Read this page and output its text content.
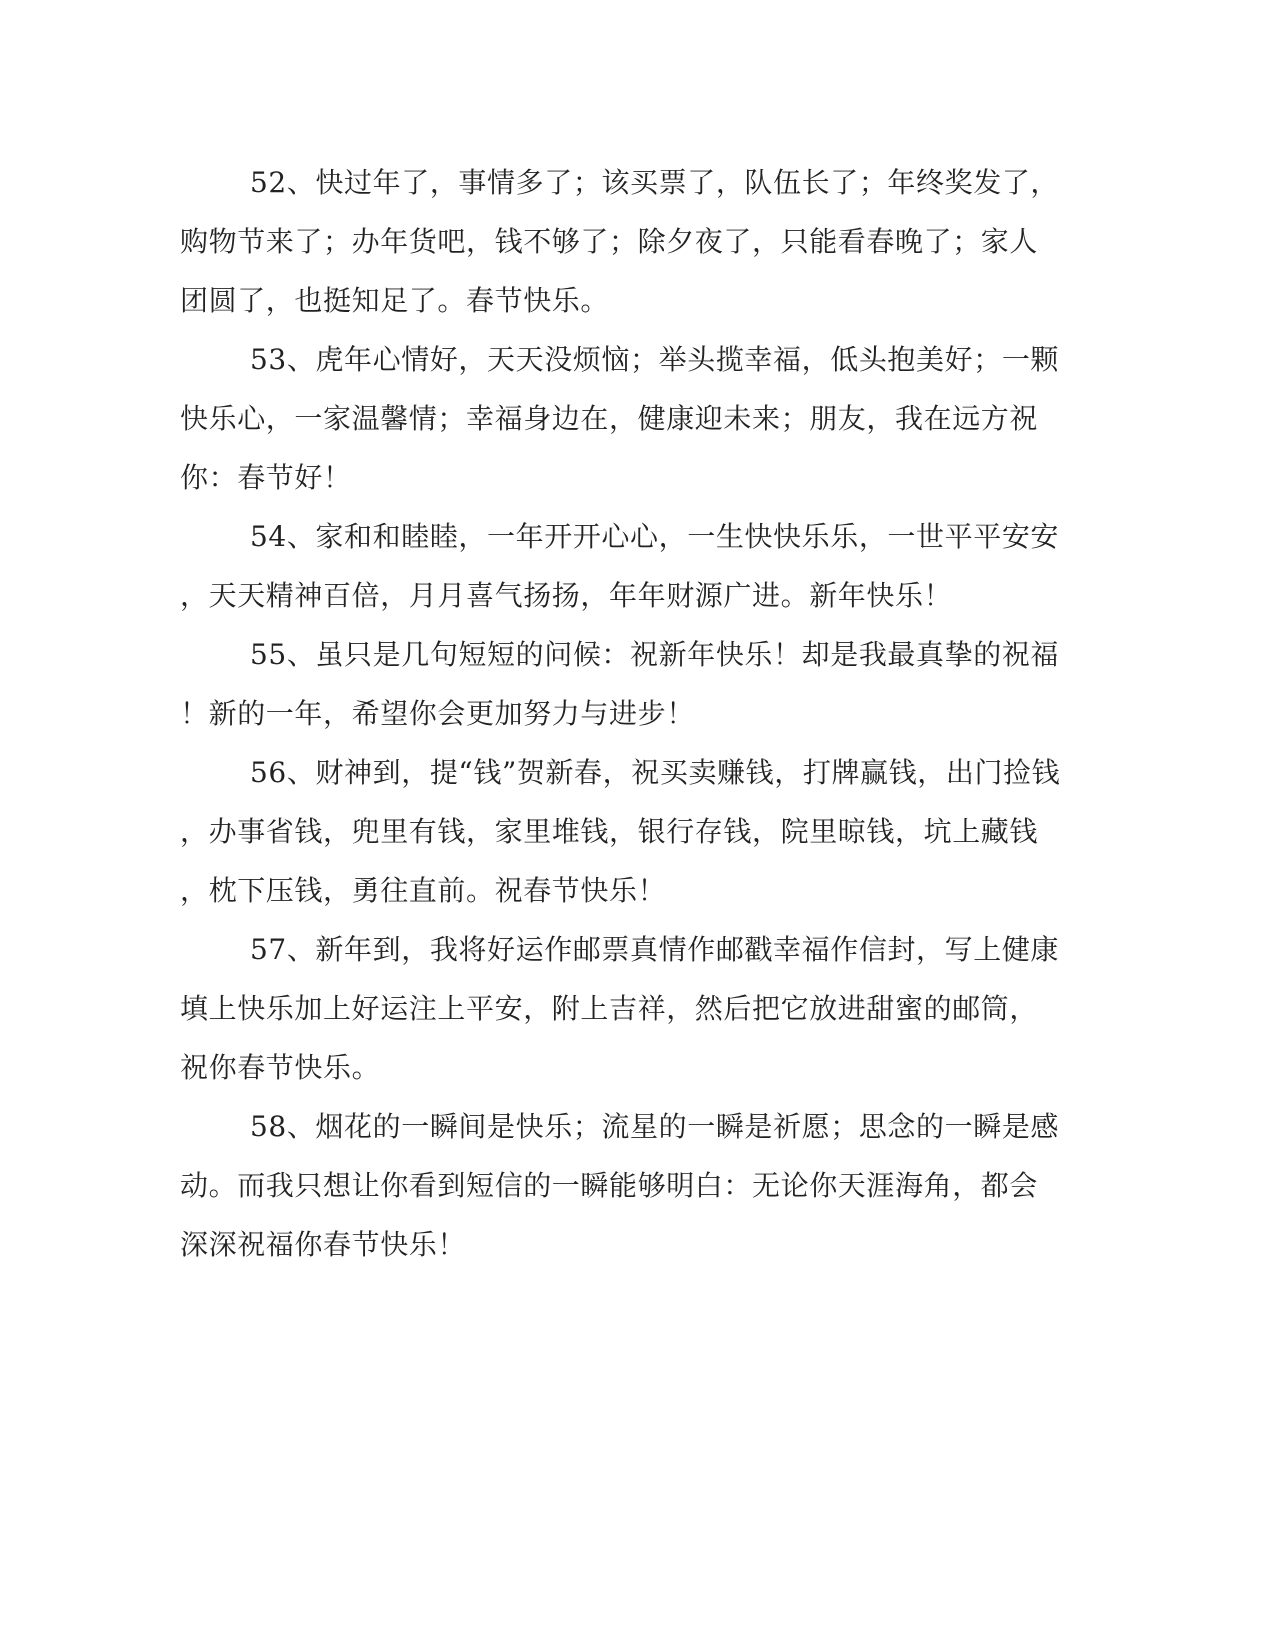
52、快过年了，事情多了；该买票了，队伍长了；年终奖发了，
购物节来了；办年货吧，钱不够了；除夕夜了，只能看春晚了；家人
团圆了，也挺知足了。春节快乐。
53、虎年心情好，天天没烦恼；举头揽幸福，低头抱美好；一颗
快乐心，一家温馨情；幸福身边在，健康迎未来；朋友，我在远方祝
你：春节好！
54、家和和睦睦，一年开开心心，一生快快乐乐，一世平平安安
，天天精神百倍，月月喜气扬扬，年年财源广进。新年快乐！
55、虽只是几句短短的问候：祝新年快乐！却是我最真挚的祝福
！新的一年，希望你会更加努力与进步！
56、财神到，提“钱”贺新春，祝买卖赚钱，打牌赢钱，出门捡钱
，办事省钱，兜里有钱，家里堆钱，银行存钱，院里晾钱，坑上藏钱
，枕下压钱，勇往直前。祝春节快乐！
57、新年到，我将好运作邮票真情作邮戳幸福作信封，写上健康
填上快乐加上好运注上平安，附上吉祥，然后把它放进甜蜜的邮筒，
祝你春节快乐。
58、烟花的一瞬间是快乐；流星的一瞬是祈愿；思念的一瞬是感
动。而我只想让你看到短信的一瞬能够明白：无论你天涯海角，都会
深深祝福你春节快乐！
